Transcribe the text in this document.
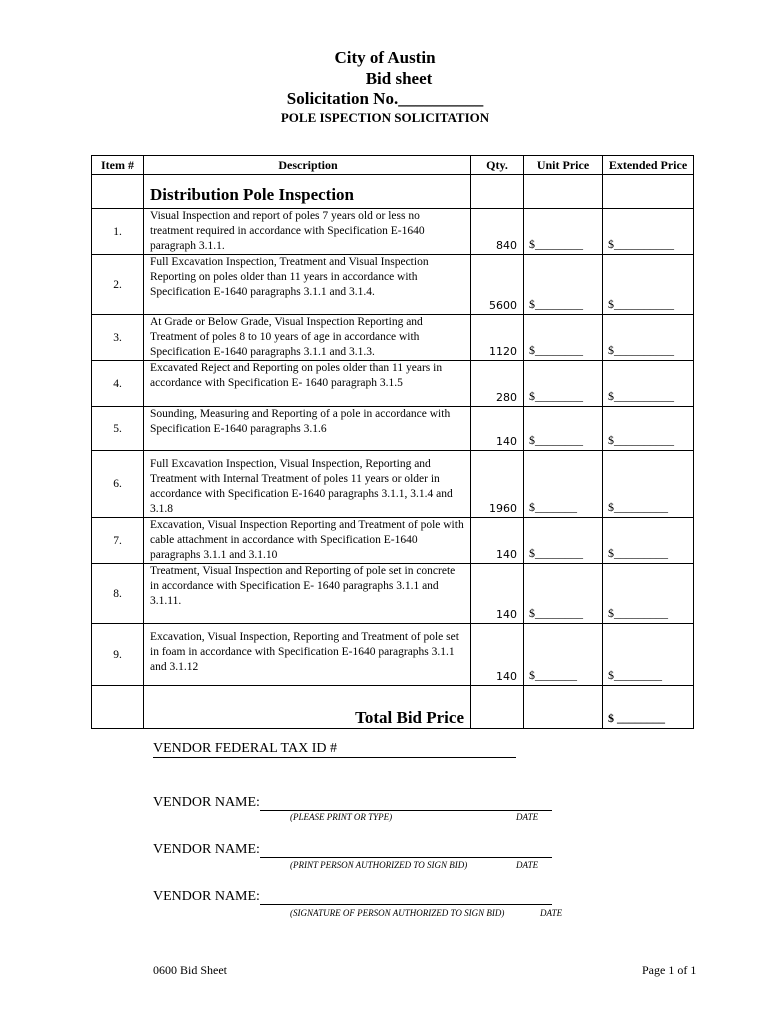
City of Austin
Bid sheet
Solicitation No.__________
POLE ISPECTION SOLICITATION
Item #	Description	Qty.	Unit Price	Extended Price
	Distribution Pole Inspection			
1.	Visual Inspection and report of poles 7 years old or less no treatment required in accordance with Specification E-1640 paragraph 3.1.1.	840	$________	$__________
2.	Full Excavation Inspection, Treatment and Visual Inspection Reporting on poles older than 11 years in accordance with Specification E-1640 paragraphs 3.1.1 and 3.1.4.	5600	$________	$__________
3.	At Grade or Below Grade, Visual Inspection Reporting and Treatment of poles 8 to 10 years of age in accordance with Specification E-1640 paragraphs 3.1.1 and 3.1.3.	1120	$________	$__________
4.	Excavated Reject and Reporting on poles older than 11 years in accordance with Specification E- 1640 paragraph 3.1.5	280	$________	$__________
5.	Sounding, Measuring and Reporting of a pole in accordance with Specification E-1640 paragraphs 3.1.6	140	$________	$__________
6.	Full Excavation Inspection, Visual Inspection, Reporting and Treatment with Internal Treatment of poles 11 years or older in accordance with Specification E-1640 paragraphs 3.1.1, 3.1.4 and 3.1.8	1960	$_______	$_________
7.	Excavation, Visual Inspection Reporting and Treatment of pole with cable attachment in accordance with Specification E-1640 paragraphs 3.1.1 and 3.1.10	140	$________	$_________
8.	Treatment, Visual Inspection and Reporting of pole set in concrete in accordance with Specification E- 1640 paragraphs 3.1.1 and 3.1.11.	140	$________	$_________
9.	Excavation, Visual Inspection, Reporting and Treatment of pole set in foam in accordance with Specification E-1640 paragraphs 3.1.1 and 3.1.12	140	$_______	$________
	Total Bid Price			$ ________
VENDOR FEDERAL TAX ID #
VENDOR NAME:
(PLEASE PRINT OR TYPE)	DATE
VENDOR NAME:
(PRINT PERSON AUTHORIZED TO SIGN BID)	DATE
VENDOR NAME:
(SIGNATURE OF PERSON AUTHORIZED TO SIGN BID)	DATE
0600 Bid Sheet	Page 1 of 1
